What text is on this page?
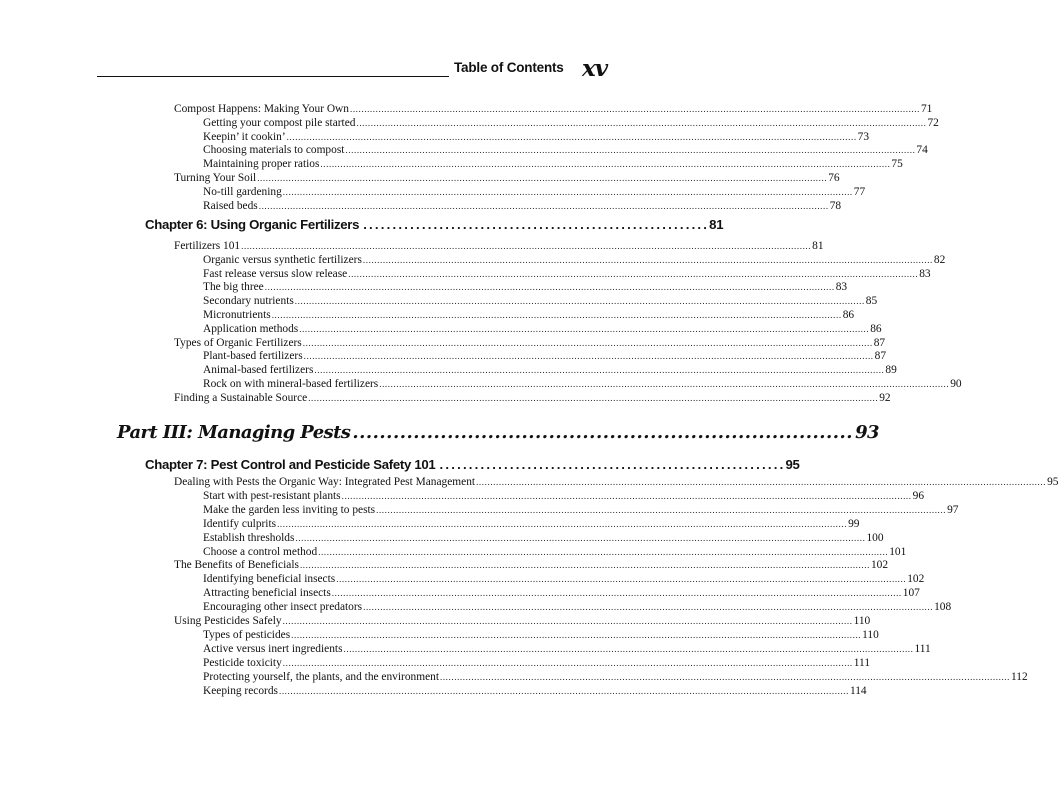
Table of Contents xv
Compost Happens: Making Your Own ........................................................................................................................................................................................................ 71
Getting your compost pile started ........................................................................................................................................................................................................ 72
Keepin’ it cookin’ ........................................................................................................................................................................................................ 73
Choosing materials to compost ........................................................................................................................................................................................................ 74
Maintaining proper ratios ........................................................................................................................................................................................................ 75
Turning Your Soil ........................................................................................................................................................................................................ 76
No-till gardening ........................................................................................................................................................................................................ 77
Raised beds ........................................................................................................................................................................................................ 78
Chapter 6: Using Organic Fertilizers ........................................................... 81
Fertilizers 101 ........................................................................................................................................................................................................ 81
Organic versus synthetic fertilizers ........................................................................................................................................................................................................ 82
Fast release versus slow release ........................................................................................................................................................................................................ 83
The big three ........................................................................................................................................................................................................ 83
Secondary nutrients ........................................................................................................................................................................................................ 85
Micronutrients ........................................................................................................................................................................................................ 86
Application methods ........................................................................................................................................................................................................ 86
Types of Organic Fertilizers ........................................................................................................................................................................................................ 87
Plant-based fertilizers ........................................................................................................................................................................................................ 87
Animal-based fertilizers ........................................................................................................................................................................................................ 89
Rock on with mineral-based fertilizers ........................................................................................................................................................................................................ 90
Finding a Sustainable Source ........................................................................................................................................................................................................ 92
Part III: Managing Pests .......................................................................... 93
Chapter 7: Pest Control and Pesticide Safety 101 ........................................................... 95
Dealing with Pests the Organic Way: Integrated Pest Management ........................................................................................................................................................................................................ 95
Start with pest-resistant plants ........................................................................................................................................................................................................ 96
Make the garden less inviting to pests ........................................................................................................................................................................................................ 97
Identify culprits ........................................................................................................................................................................................................ 99
Establish thresholds ........................................................................................................................................................................................................ 100
Choose a control method ........................................................................................................................................................................................................ 101
The Benefits of Beneficials ........................................................................................................................................................................................................ 102
Identifying beneficial insects ........................................................................................................................................................................................................ 102
Attracting beneficial insects ........................................................................................................................................................................................................ 107
Encouraging other insect predators ........................................................................................................................................................................................................ 108
Using Pesticides Safely ........................................................................................................................................................................................................ 110
Types of pesticides ........................................................................................................................................................................................................ 110
Active versus inert ingredients ........................................................................................................................................................................................................ 111
Pesticide toxicity ........................................................................................................................................................................................................ 111
Protecting yourself, the plants, and the environment ........................................................................................................................................................................................................ 112
Keeping records ........................................................................................................................................................................................................ 114
